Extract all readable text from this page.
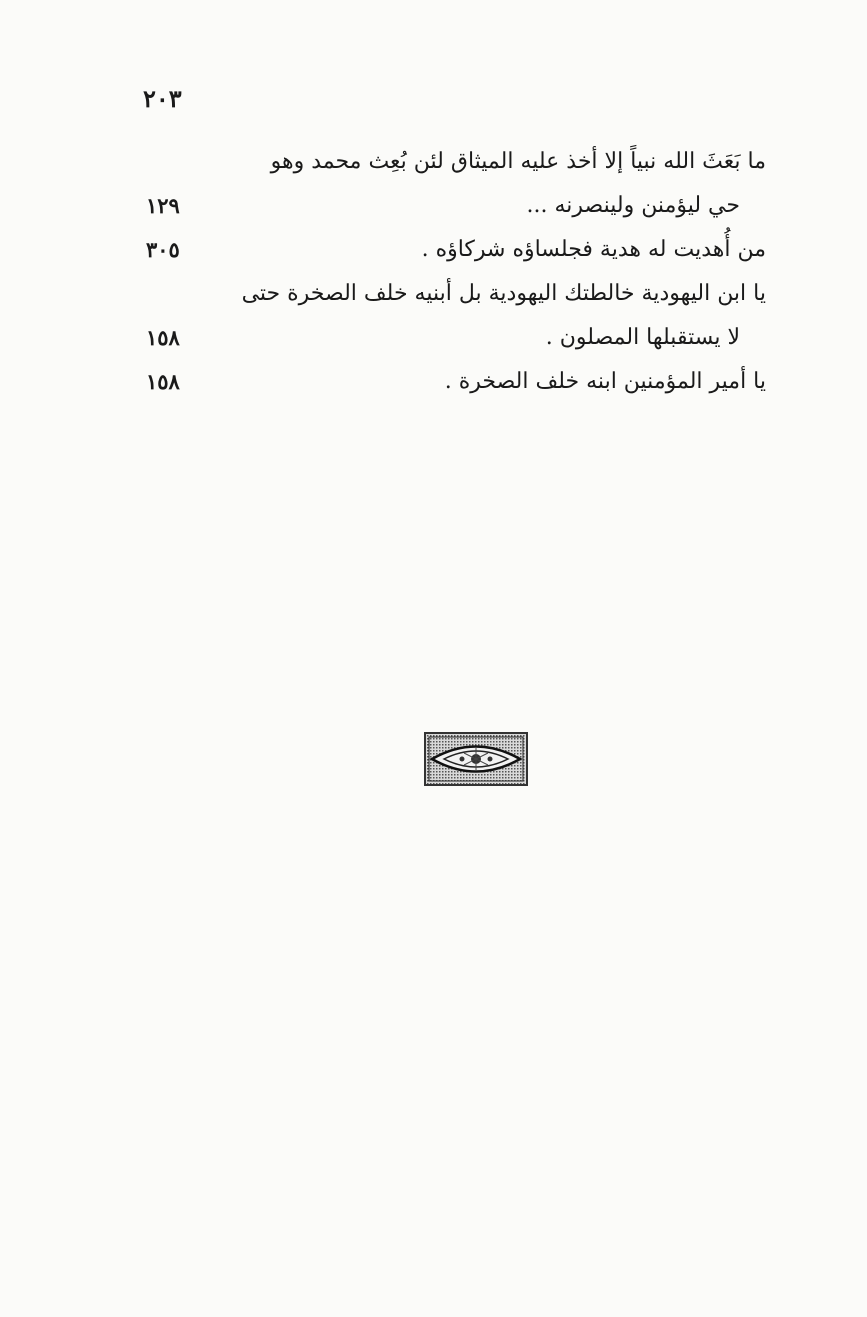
٢٠٣
ما بَعَثَ الله نبياً إلا أخذ عليه الميثاق لئن بُعِث محمد وهو
حي ليؤمنن ولينصرنه ...
١٢٩
من أُهديت له هدية فجلساؤه شركاؤه .
٣٠٥
يا ابن اليهودية خالطتك اليهودية بل أبنيه خلف الصخرة حتى
لا يستقبلها المصلون .
١٥٨
يا أمير المؤمنين ابنه خلف الصخرة .
١٥٨
